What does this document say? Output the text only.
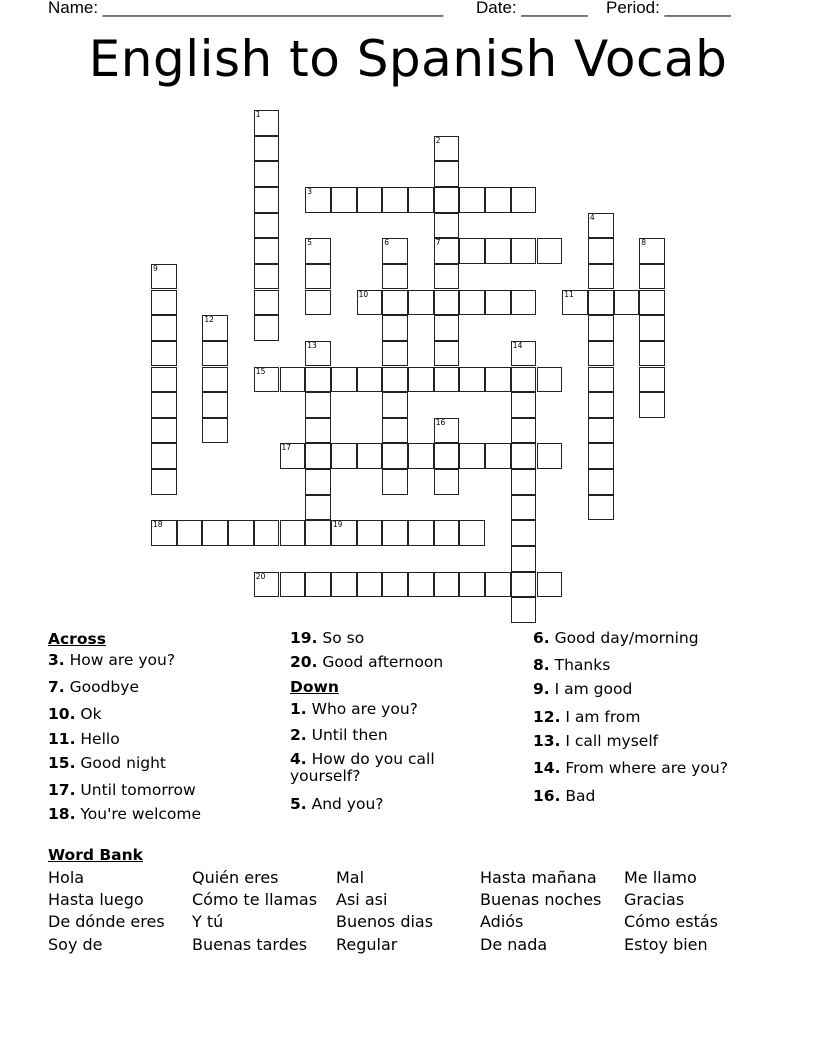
Name: ____________________________________

Date: _______

Period: _______

English to Spanish Vocab
1
2
7
3
4
5	6	8
9
10	11
12
13	14
15
16
17
18	19
20
Across
3. How are you?
7. Goodbye
10. Ok
11. Hello
15. Good night
17. Until tomorrow
18. You're welcome
19. So so
20. Good afternoon
1. Who are you?
2. Until then
4. How do you call
yourself?
5. And you?
Down
6. Good day/morning
8. Thanks
9. I am good
12. I am from
13. I call myself
14. From where are you?
16. Bad
Word Bank
Hola
Hasta luego
De dónde eres
Soy de
Quién eres
Cómo te llamas
Y tú
Buenas tardes
Mal
Asi asi
Buenos dias
Regular
Hasta mañana
Buenas noches
Adiós
De nada
Me llamo
Gracias
Cómo estás
Estoy bien
